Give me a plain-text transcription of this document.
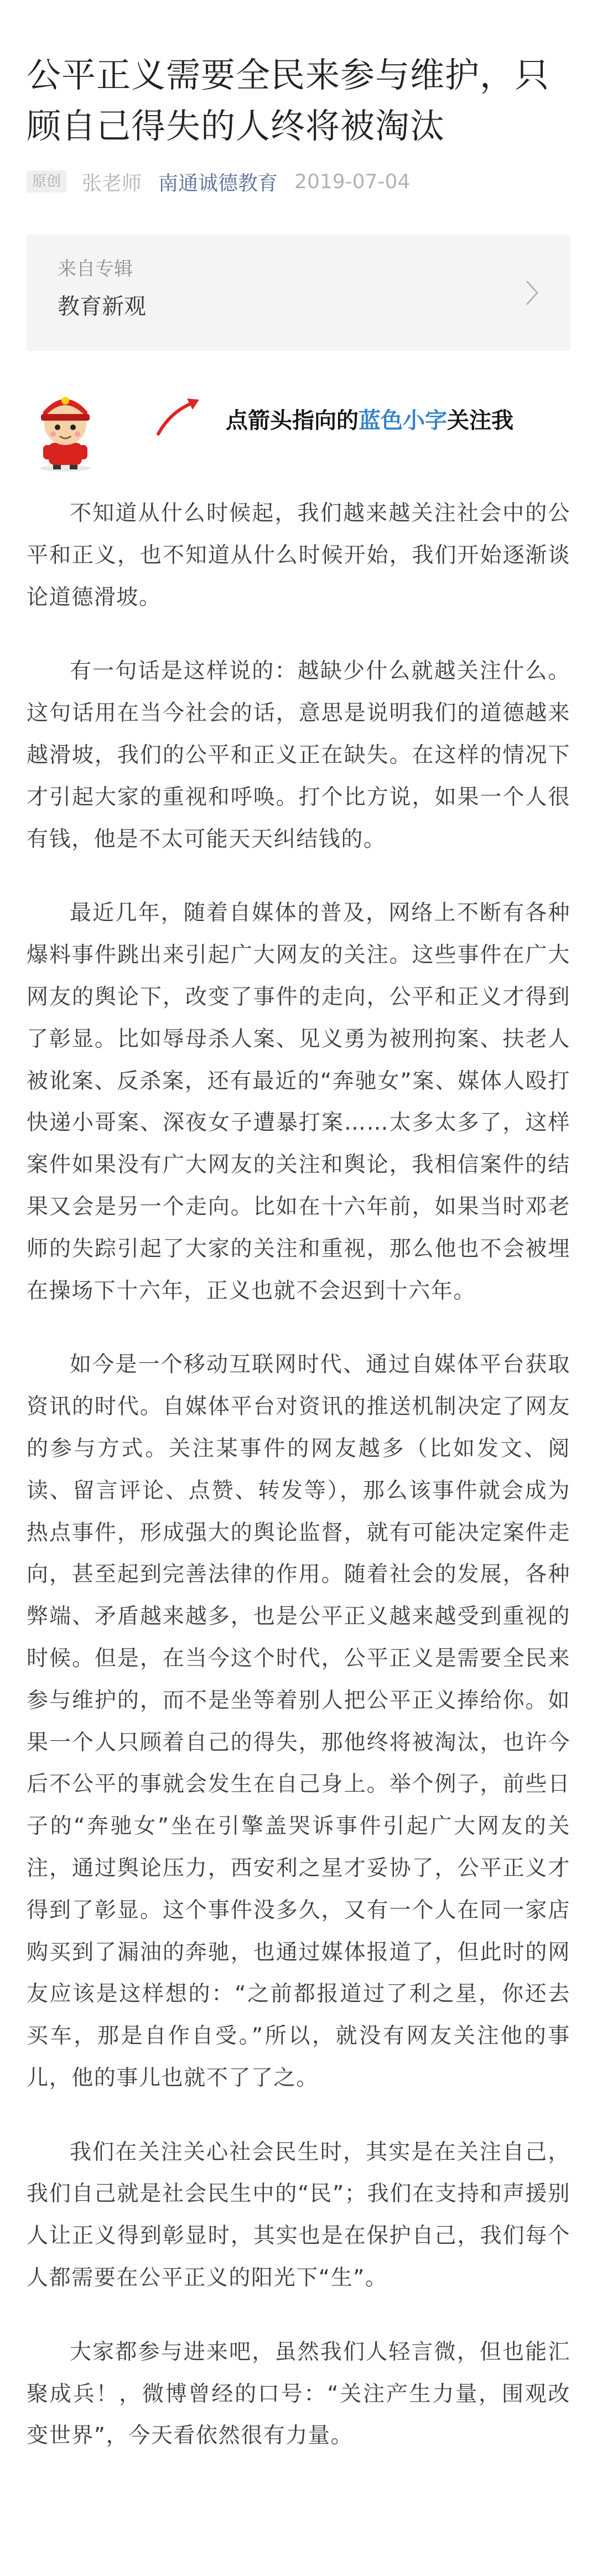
公平正义需要全民来参与维护，只顾自己得失的人终将被淘汰
原创 张老师 南通诚德教育 2019-07-04
来自专辑
教育新观
点箭头指向的蓝色小字关注我

不知道从什么时候起，我们越来越关注社会中的公平和正义，也不知道从什么时候开始，我们开始逐渐谈论道德滑坡。

有一句话是这样说的：越缺少什么就越关注什么。这句话用在当今社会的话，意思是说明我们的道德越来越滑坡，我们的公平和正义正在缺失。在这样的情况下才引起大家的重视和呼唤。打个比方说，如果一个人很有钱，他是不太可能天天纠结钱的。

最近几年，随着自媒体的普及，网络上不断有各种爆料事件跳出来引起广大网友的关注。这些事件在广大网友的舆论下，改变了事件的走向，公平和正义才得到了彰显。比如辱母杀人案、见义勇为被刑拘案、扶老人被讹案、反杀案，还有最近的“奔驰女”案、媒体人殴打快递小哥案、深夜女子遭暴打案……太多太多了，这样案件如果没有广大网友的关注和舆论，我相信案件的结果又会是另一个走向。比如在十六年前，如果当时邓老师的失踪引起了大家的关注和重视，那么他也不会被埋在操场下十六年，正义也就不会迟到十六年。

如今是一个移动互联网时代、通过自媒体平台获取资讯的时代。自媒体平台对资讯的推送机制决定了网友的参与方式。关注某事件的网友越多（比如发文、阅读、留言评论、点赞、转发等），那么该事件就会成为热点事件，形成强大的舆论监督，就有可能决定案件走向，甚至起到完善法律的作用。随着社会的发展，各种弊端、矛盾越来越多，也是公平正义越来越受到重视的时候。但是，在当今这个时代，公平正义是需要全民来参与维护的，而不是坐等着别人把公平正义捧给你。如果一个人只顾着自己的得失，那他终将被淘汰，也许今后不公平的事就会发生在自己身上。举个例子，前些日子的“奔驰女”坐在引擎盖哭诉事件引起广大网友的关注，通过舆论压力，西安利之星才妥协了，公平正义才得到了彰显。这个事件没多久，又有一个人在同一家店购买到了漏油的奔驰，也通过媒体报道了，但此时的网友应该是这样想的：“之前都报道过了利之星，你还去买车，那是自作自受。”所以，就没有网友关注他的事儿，他的事儿也就不了了之。

我们在关注关心社会民生时，其实是在关注自己，我们自己就是社会民生中的“民”；我们在支持和声援别人让正义得到彰显时，其实也是在保护自己，我们每个人都需要在公平正义的阳光下“生”。

大家都参与进来吧，虽然我们人轻言微，但也能汇聚成兵！，微博曾经的口号：“关注产生力量，围观改变世界”，今天看依然很有力量。
